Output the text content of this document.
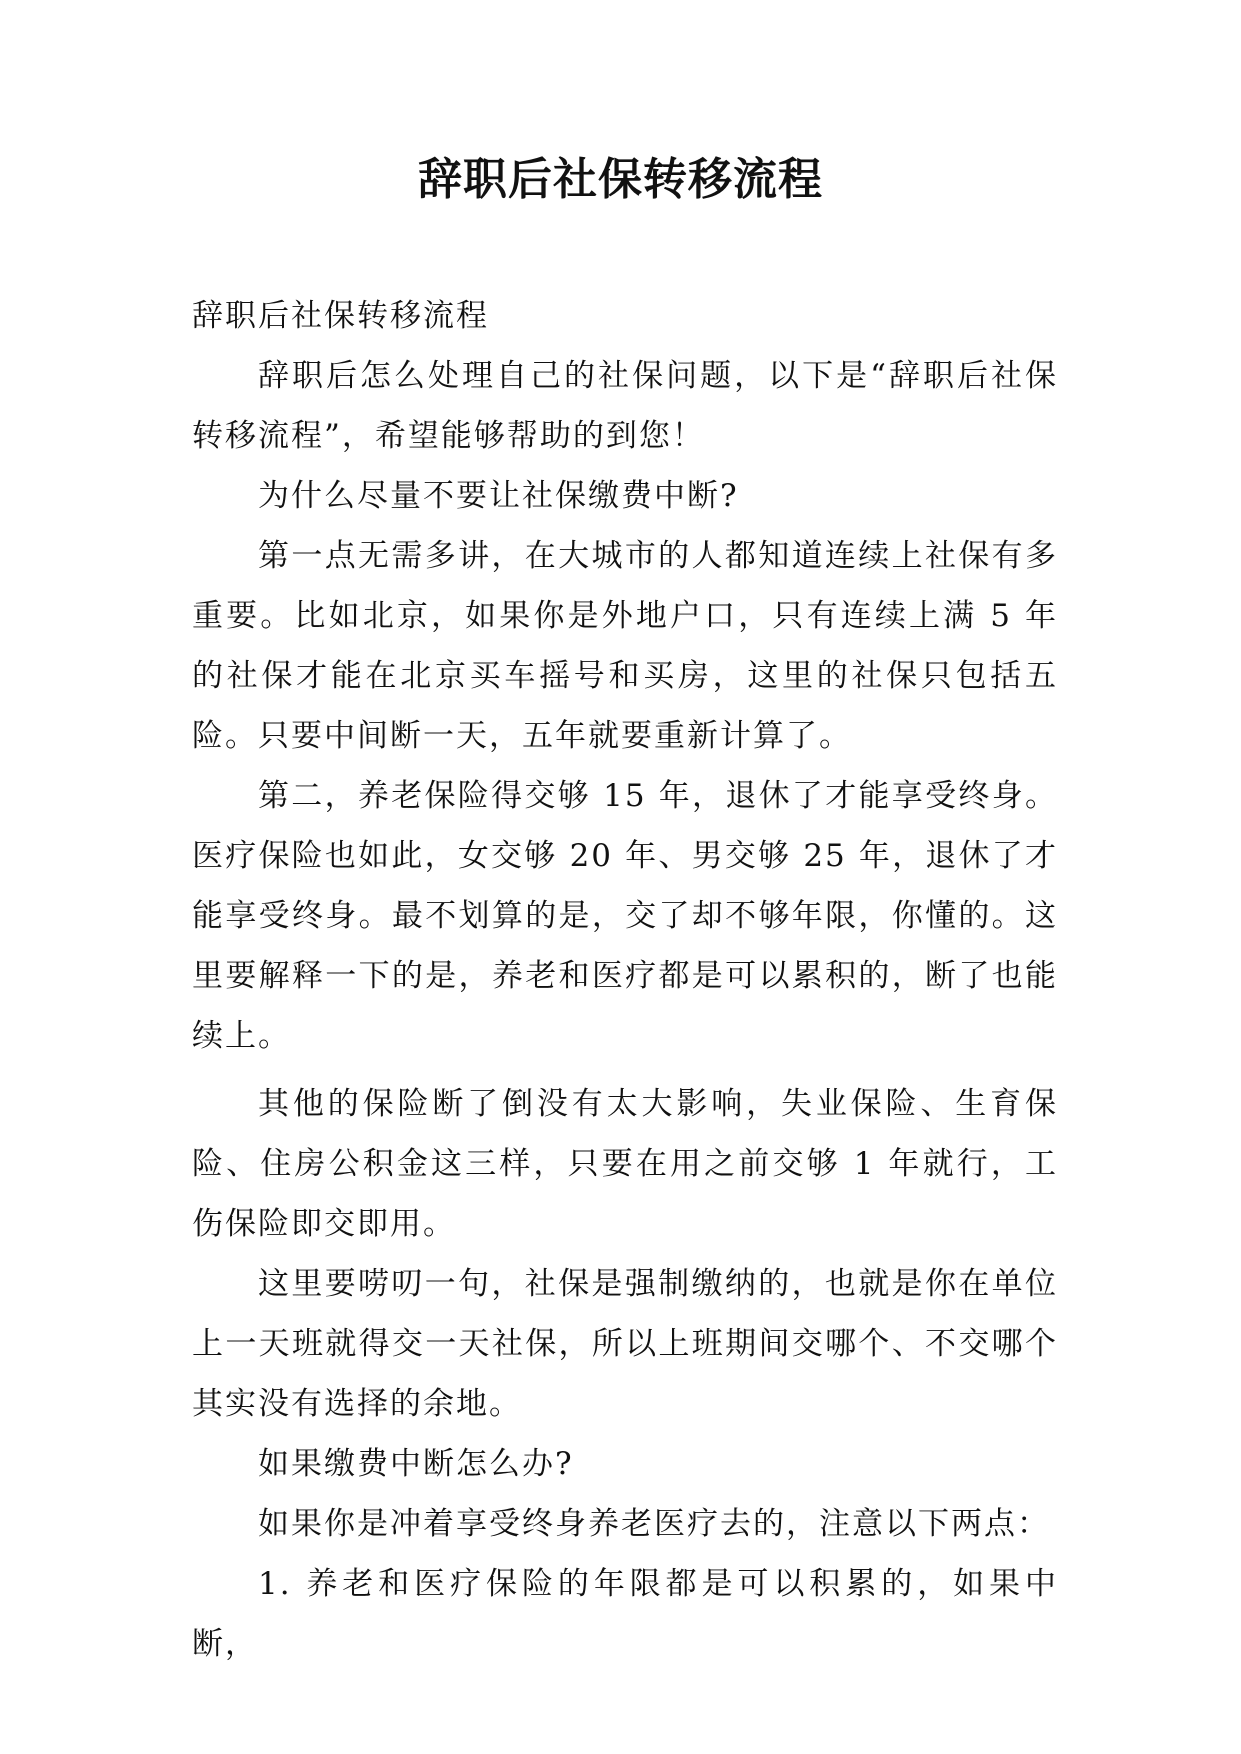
辞职后社保转移流程

辞职后社保转移流程

辞职后怎么处理自己的社保问题，以下是“辞职后社保转移流程”，希望能够帮助的到您！

为什么尽量不要让社保缴费中断?

第一点无需多讲，在大城市的人都知道连续上社保有多重要。比如北京，如果你是外地户口，只有连续上满 5 年的社保才能在北京买车摇号和买房，这里的社保只包括五险。只要中间断一天，五年就要重新计算了。

第二，养老保险得交够 15 年，退休了才能享受终身。医疗保险也如此，女交够 20 年、男交够 25 年，退休了才能享受终身。最不划算的是，交了却不够年限，你懂的。这里要解释一下的是，养老和医疗都是可以累积的，断了也能续上。

其他的保险断了倒没有太大影响，失业保险、生育保险、住房公积金这三样，只要在用之前交够 1 年就行，工伤保险即交即用。

这里要唠叨一句，社保是强制缴纳的，也就是你在单位上一天班就得交一天社保，所以上班期间交哪个、不交哪个其实没有选择的余地。

如果缴费中断怎么办?

如果你是冲着享受终身养老医疗去的，注意以下两点：

1. 养老和医疗保险的年限都是可以积累的，如果中断，
